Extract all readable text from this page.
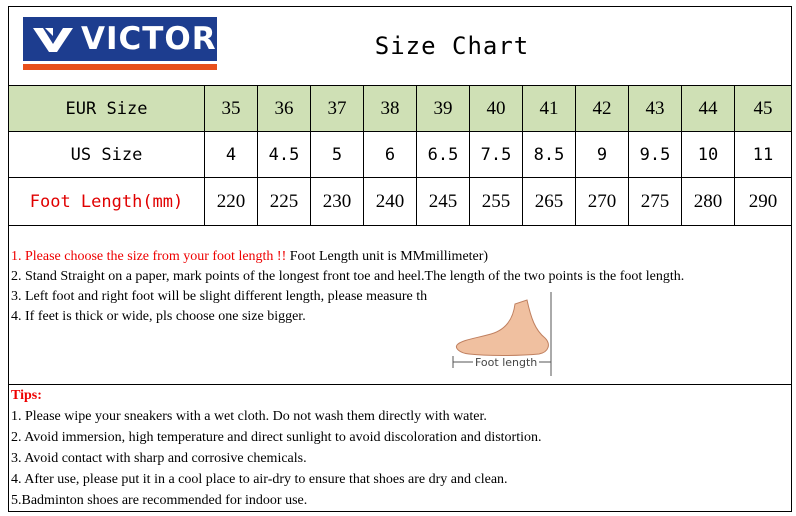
VICTOR	Size Chart
EUR Size	35	36	37	38	39	40	41	42	43	44	45
US Size	4	4.5	5	6	6.5	7.5	8.5	9	9.5	10	11
Foot Length(mm)	220	225	230	240	245	255	265	270	275	280	290
1. Please choose the size from your foot length !! Foot Length unit is MMmillimeter)
2. Stand Straight on a paper, mark points of the longest front toe and heel.The length of the two points is the foot length.
3. Left foot and right foot will be slight different length, please measure th
4. If feet is thick or wide, pls choose one size bigger.
Foot length
Tips:
1. Please wipe your sneakers with a wet cloth. Do not wash them directly with water.
2. Avoid immersion, high temperature and direct sunlight to avoid discoloration and distortion.
3. Avoid contact with sharp and corrosive chemicals.
4. After use, please put it in a cool place to air-dry to ensure that shoes are dry and clean.
5.Badminton shoes are recommended for indoor use.
